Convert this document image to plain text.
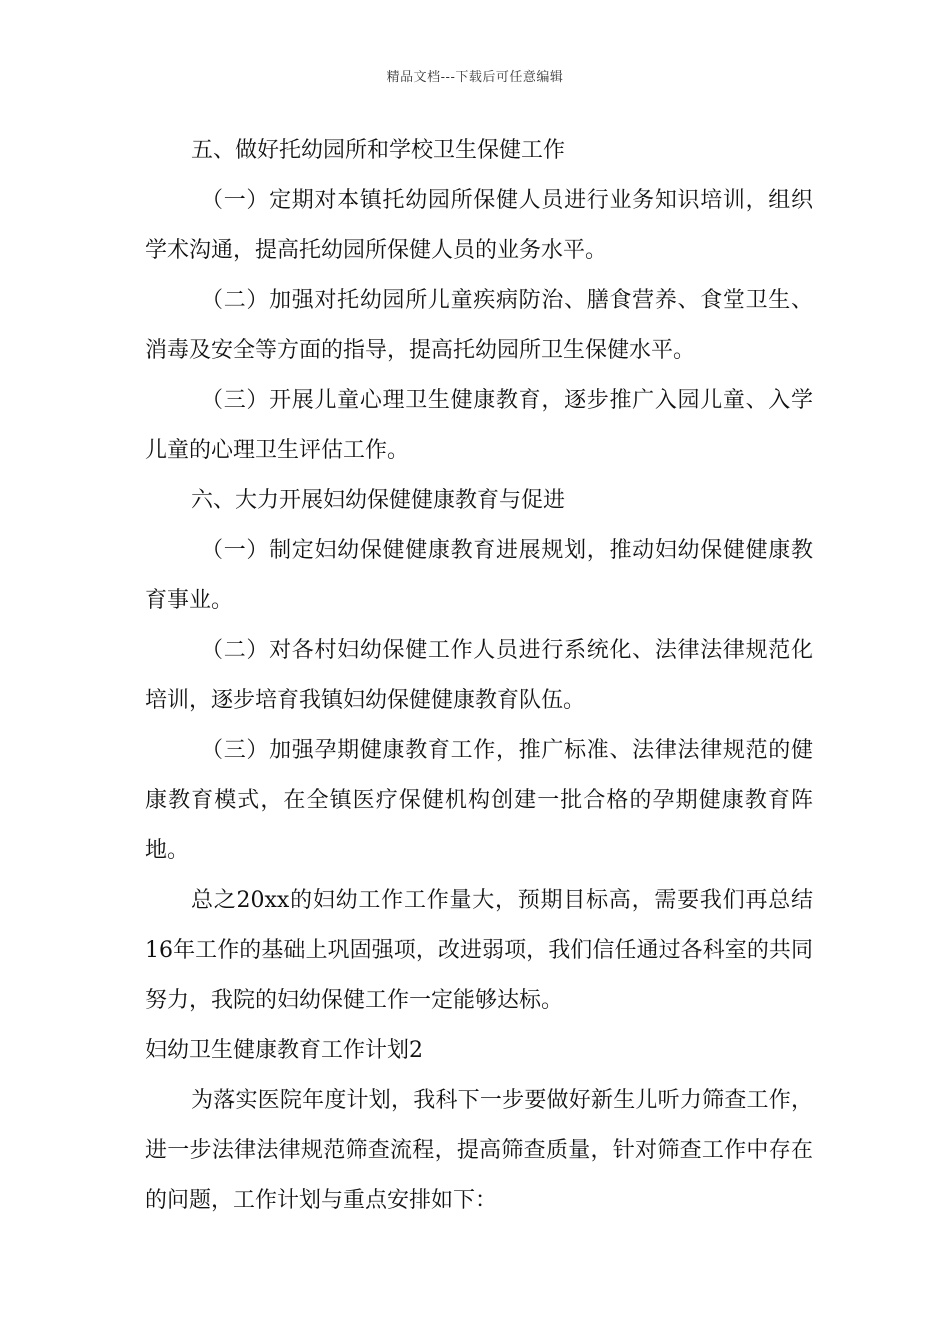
精品文档---下载后可任意编辑

五、做好托幼园所和学校卫生保健工作

（一）定期对本镇托幼园所保健人员进行业务知识培训，组织学术沟通，提高托幼园所保健人员的业务水平。

（二）加强对托幼园所儿童疾病防治、膳食营养、食堂卫生、消毒及安全等方面的指导，提高托幼园所卫生保健水平。

（三）开展儿童心理卫生健康教育，逐步推广入园儿童、入学儿童的心理卫生评估工作。

六、大力开展妇幼保健健康教育与促进

（一）制定妇幼保健健康教育进展规划，推动妇幼保健健康教育事业。

（二）对各村妇幼保健工作人员进行系统化、法律法律规范化培训，逐步培育我镇妇幼保健健康教育队伍。

（三）加强孕期健康教育工作，推广标准、法律法律规范的健康教育模式，在全镇医疗保健机构创建一批合格的孕期健康教育阵地。

总之20xx的妇幼工作工作量大，预期目标高，需要我们再总结16年工作的基础上巩固强项，改进弱项，我们信任通过各科室的共同努力，我院的妇幼保健工作一定能够达标。

妇幼卫生健康教育工作计划2

为落实医院年度计划，我科下一步要做好新生儿听力筛查工作，进一步法律法律规范筛查流程，提高筛查质量，针对筛查工作中存在的问题，工作计划与重点安排如下：
